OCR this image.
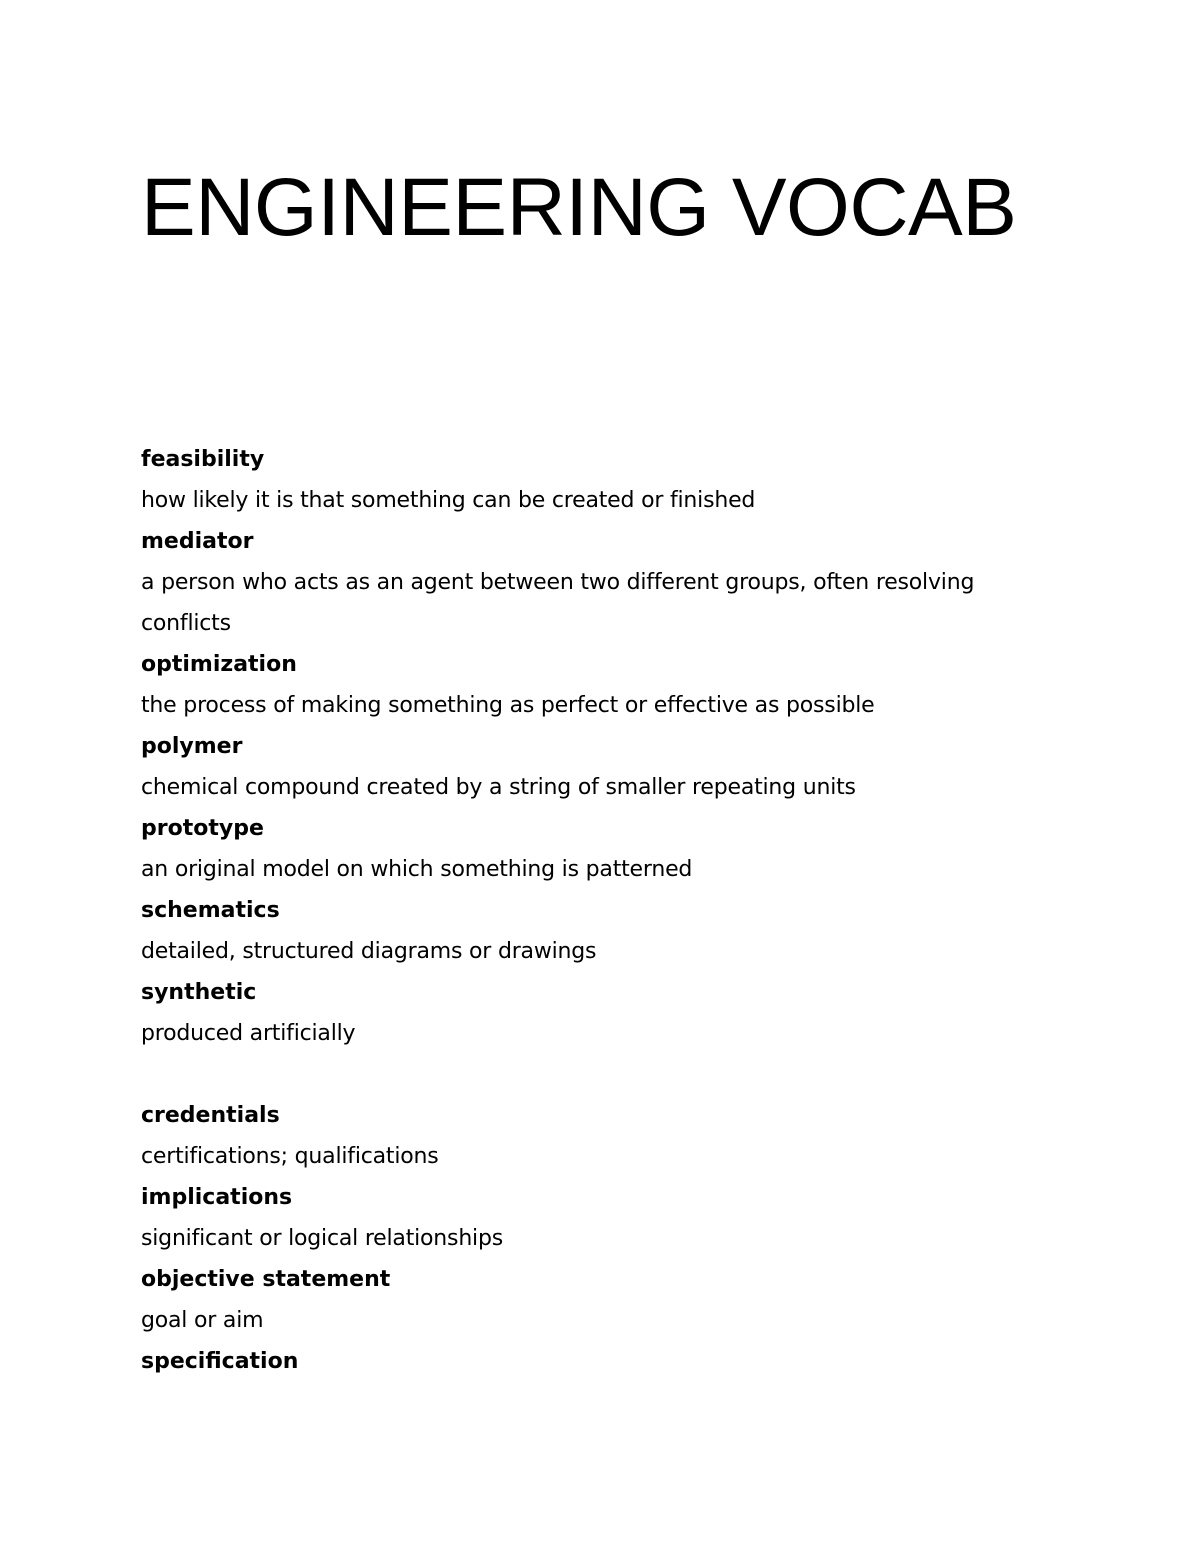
ENGINEERING VOCAB
feasibility
how likely it is that something can be created or finished
mediator
a person who acts as an agent between two different groups, often resolving conflicts
optimization
the process of making something as perfect or effective as possible
polymer
chemical compound created by a string of smaller repeating units
prototype
an original model on which something is patterned
schematics
detailed, structured diagrams or drawings
synthetic
produced artificially
credentials
certifications; qualifications
implications
significant or logical relationships
objective statement
goal or aim
specification
